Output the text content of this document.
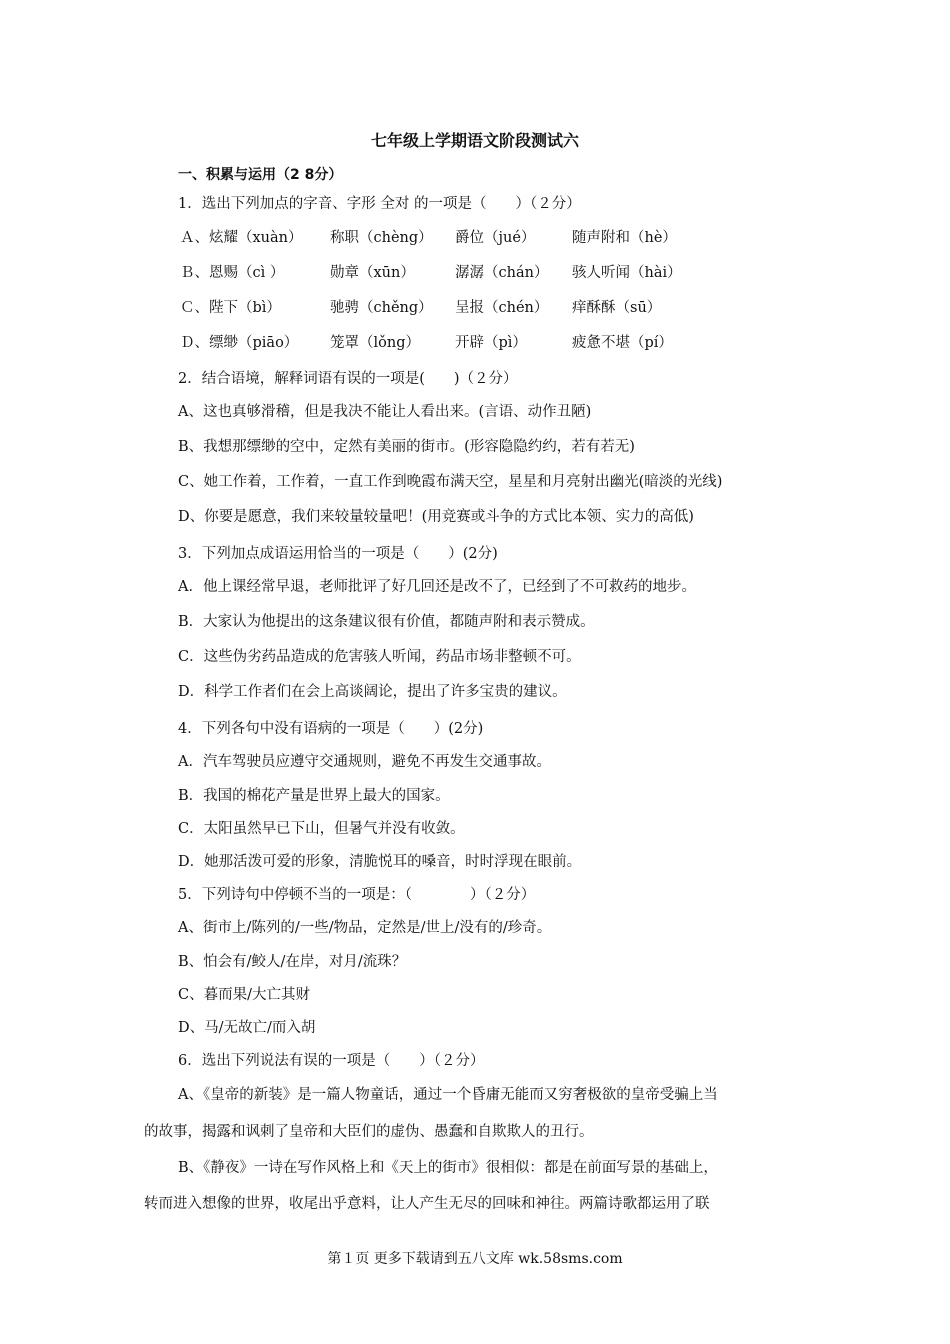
七年级上学期语文阶段测试六
一、积累与运用（2 8分）
1．选出下列加点的字音、字形 全对 的一项是（　　）（２分）
Ａ、炫耀（xuàn） 称职（chèng） 爵位（jué）	随声附和（hè）
Ｂ、恩赐（cì ）	勋章（xūn）	潺潺（chán） 骇人听闻（hài）
Ｃ、陛下（bì）	驰骋（chěng） 呈报（chén） 痒酥酥（sū）
Ｄ、缥缈（piāo） 笼罩（lǒng） 开辟（pì）	疲惫不堪（pí）
2．结合语境，解释词语有误的一项是(　　)（２分）
A、这也真够滑稽，但是我决不能让人看出来。(言语、动作丑陋)
B、我想那缥缈的空中，定然有美丽的街市。(形容隐隐约约，若有若无)
C、她工作着，工作着，一直工作到晚霞布满天空，星星和月亮射出幽光(暗淡的光线)
D、你要是愿意，我们来较量较量吧！(用竞赛或斗争的方式比本领、实力的高低)
3．下列加点成语运用恰当的一项是（　　）(2分)
A．他上课经常早退，老师批评了好几回还是改不了，已经到了不可救药的地步。
B．大家认为他提出的这条建议很有价值，都随声附和表示赞成。
C．这些伪劣药品造成的危害骇人听闻，药品市场非整顿不可。
D．科学工作者们在会上高谈阔论，提出了许多宝贵的建议。
4．下列各句中没有语病的一项是（　　）(2分)
A．汽车驾驶员应遵守交通规则，避免不再发生交通事故。
B．我国的棉花产量是世界上最大的国家。
C．太阳虽然早已下山，但暑气并没有收敛。
D．她那活泼可爱的形象，清脆悦耳的嗓音，时时浮现在眼前。
5．下列诗句中停顿不当的一项是：（　　　　）（２分）
A、街市上/陈列的/一些/物品，定然是/世上/没有的/珍奇。
B、怕会有/鲛人/在岸，对月/流珠？
C、暮而果/大亡其财
D、马/无故亡/而入胡
6．选出下列说法有误的一项是（　　）（２分）
A、《皇帝的新装》是一篇人物童话，通过一个昏庸无能而又穷奢极欲的皇帝受骗上当
的故事，揭露和讽刺了皇帝和大臣们的虚伪、愚蠢和自欺欺人的丑行。
B、《静夜》一诗在写作风格上和《天上的街市》很相似：都是在前面写景的基础上，
转而进入想像的世界，收尾出乎意料，让人产生无尽的回味和神往。两篇诗歌都运用了联
第１页 更多下载请到五八文库 wk.58sms.com
